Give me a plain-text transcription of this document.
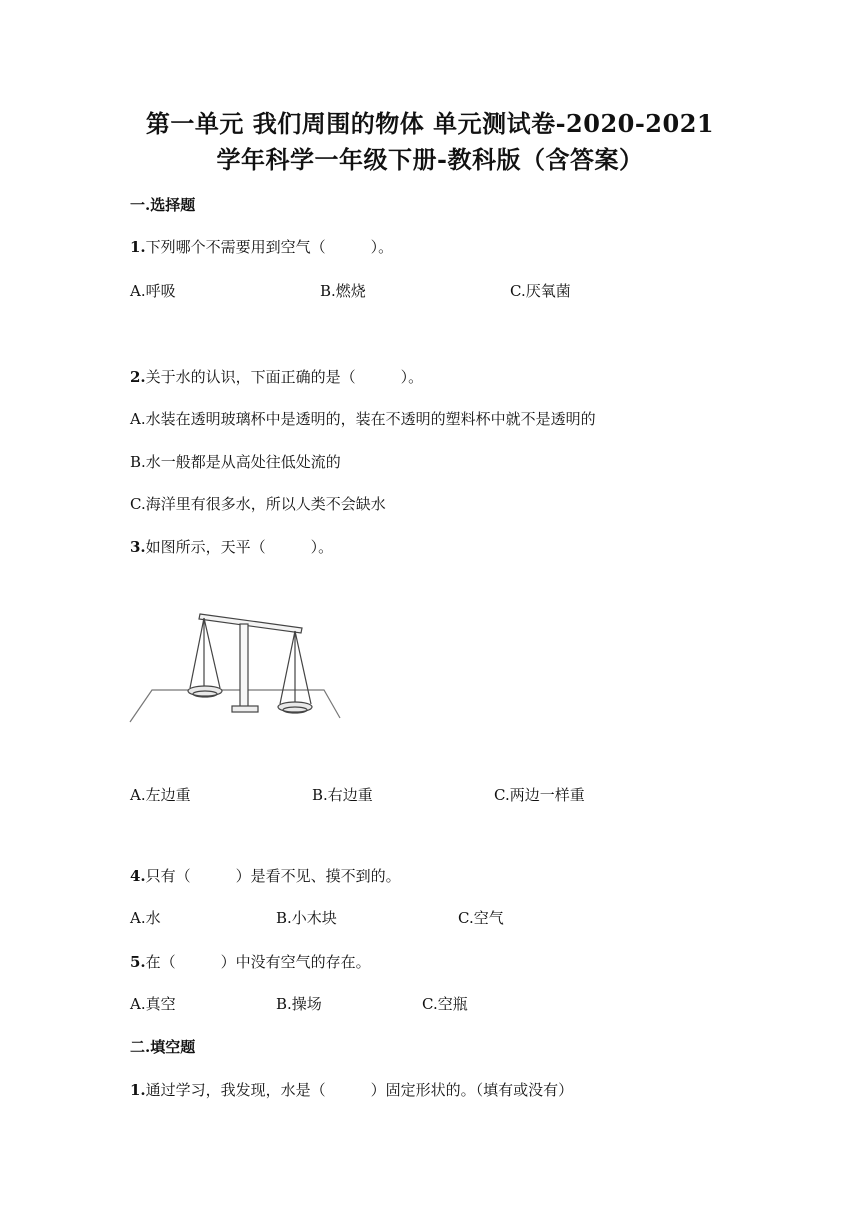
第一单元 我们周围的物体 单元测试卷-2020-2021
学年科学一年级下册-教科版（含答案）
一.选择题
1.下列哪个不需要用到空气（　　　）。
A.呼吸	B.燃烧	C.厌氧菌
2.关于水的认识，下面正确的是（　　　）。
A.水装在透明玻璃杯中是透明的，装在不透明的塑料杯中就不是透明的
B.水一般都是从高处往低处流的
C.海洋里有很多水，所以人类不会缺水
3.如图所示，天平（　　　）。
A.左边重	B.右边重	C.两边一样重
4.只有（　　　）是看不见、摸不到的。
A.水	B.小木块	C.空气
5.在（　　　）中没有空气的存在。
A.真空	B.操场	C.空瓶
二.填空题
1.通过学习，我发现，水是（　　　）固定形状的。（填有或没有）
